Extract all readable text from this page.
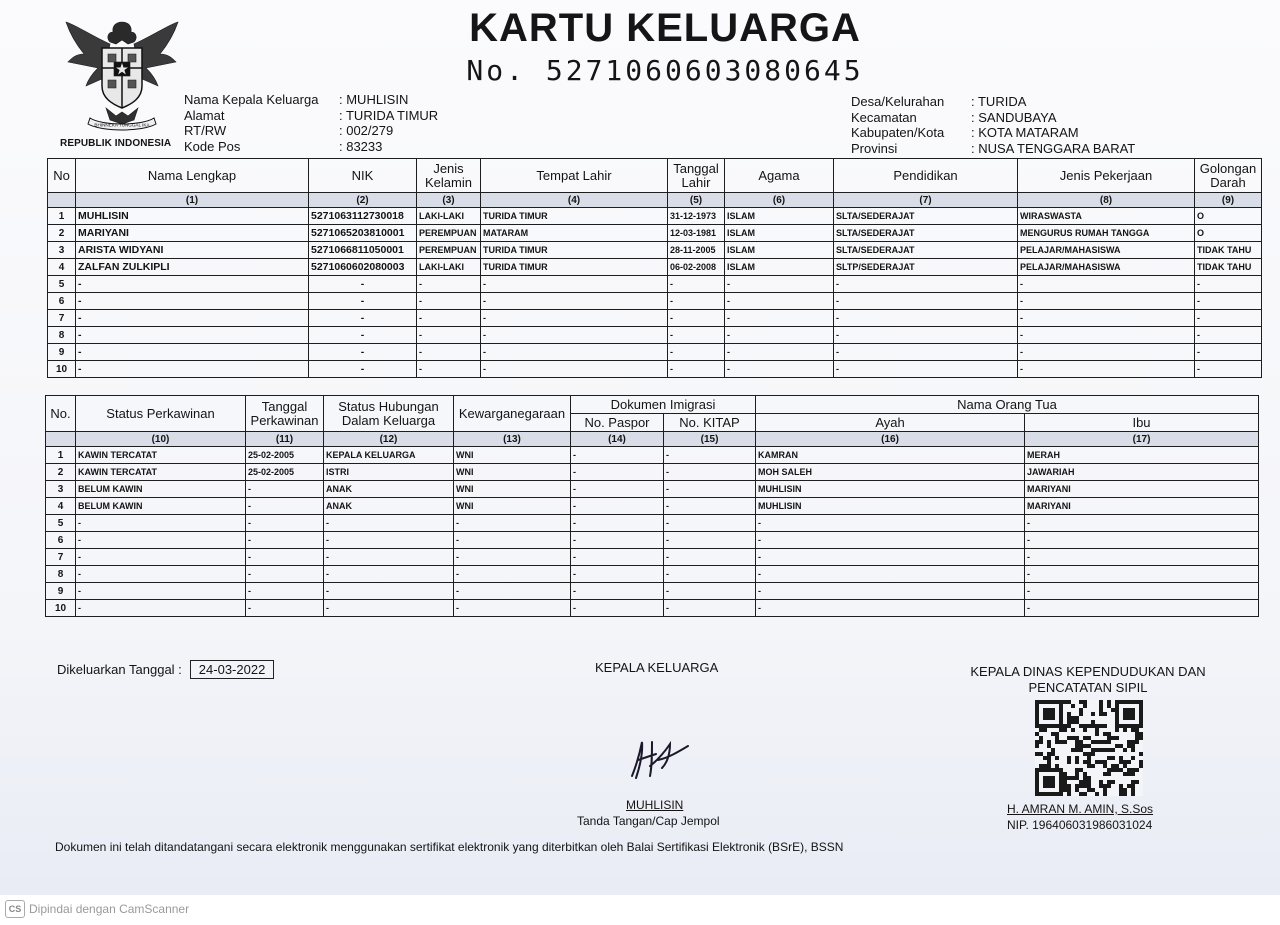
BHINNEKA TUNGGAL IKA
REPUBLIK INDONESIA
KARTU KELUARGA
No. 5271060603080645
Nama Kepala Keluarga	: MUHLISIN
Alamat	: TURIDA TIMUR
RT/RW	: 002/279
Kode Pos	: 83233
Desa/Kelurahan	: TURIDA
Kecamatan	: SANDUBAYA
Kabupaten/Kota	: KOTA MATARAM
Provinsi	: NUSA TENGGARA BARAT
No	Nama Lengkap	NIK	Jenis Kelamin	Tempat Lahir	Tanggal Lahir	Agama	Pendidikan	Jenis Pekerjaan	Golongan Darah
	(1)	(2)	(3)	(4)	(5)	(6)	(7)	(8)	(9)
1	MUHLISIN	5271063112730018	LAKI-LAKI	TURIDA TIMUR	31-12-1973	ISLAM	SLTA/SEDERAJAT	WIRASWASTA	O
2	MARIYANI	5271065203810001	PEREMPUAN	MATARAM	12-03-1981	ISLAM	SLTA/SEDERAJAT	MENGURUS RUMAH TANGGA	O
3	ARISTA WIDYANI	5271066811050001	PEREMPUAN	TURIDA TIMUR	28-11-2005	ISLAM	SLTA/SEDERAJAT	PELAJAR/MAHASISWA	TIDAK TAHU
4	ZALFAN ZULKIPLI	5271060602080003	LAKI-LAKI	TURIDA TIMUR	06-02-2008	ISLAM	SLTP/SEDERAJAT	PELAJAR/MAHASISWA	TIDAK TAHU
5	-	-	-	-	-	-	-	-	-
6	-	-	-	-	-	-	-	-	-
7	-	-	-	-	-	-	-	-	-
8	-	-	-	-	-	-	-	-	-
9	-	-	-	-	-	-	-	-	-
10	-	-	-	-	-	-	-	-	-
No.	Status Perkawinan	Tanggal Perkawinan	Status Hubungan Dalam Keluarga	Kewarganegaraan	Dokumen Imigrasi		Nama Orang Tua	
					No. Paspor	No. KITAP	Ayah	Ibu
	(10)	(11)	(12)	(13)	(14)	(15)	(16)	(17)
1	KAWIN TERCATAT	25-02-2005	KEPALA KELUARGA	WNI	-	-	KAMRAN	MERAH
2	KAWIN TERCATAT	25-02-2005	ISTRI	WNI	-	-	MOH SALEH	JAWARIAH
3	BELUM KAWIN	-	ANAK	WNI	-	-	MUHLISIN	MARIYANI
4	BELUM KAWIN	-	ANAK	WNI	-	-	MUHLISIN	MARIYANI
5	-	-	-	-	-	-	-	-
6	-	-	-	-	-	-	-	-
7	-	-	-	-	-	-	-	-
8	-	-	-	-	-	-	-	-
9	-	-	-	-	-	-	-	-
10	-	-	-	-	-	-	-	-
Dikeluarkan Tanggal :	24-03-2022	KEPALA KELUARGA
MUHLISIN
Tanda Tangan/Cap Jempol
KEPALA DINAS KEPENDUDUKAN DAN PENCATATAN SIPIL
H. AMRAN M. AMIN, S.Sos
NIP. 196406031986031024
Dokumen ini telah ditandatangani secara elektronik menggunakan sertifikat elektronik yang diterbitkan oleh Balai Sertifikasi Elektronik (BSrE), BSSN
CS Dipindai dengan CamScanner
